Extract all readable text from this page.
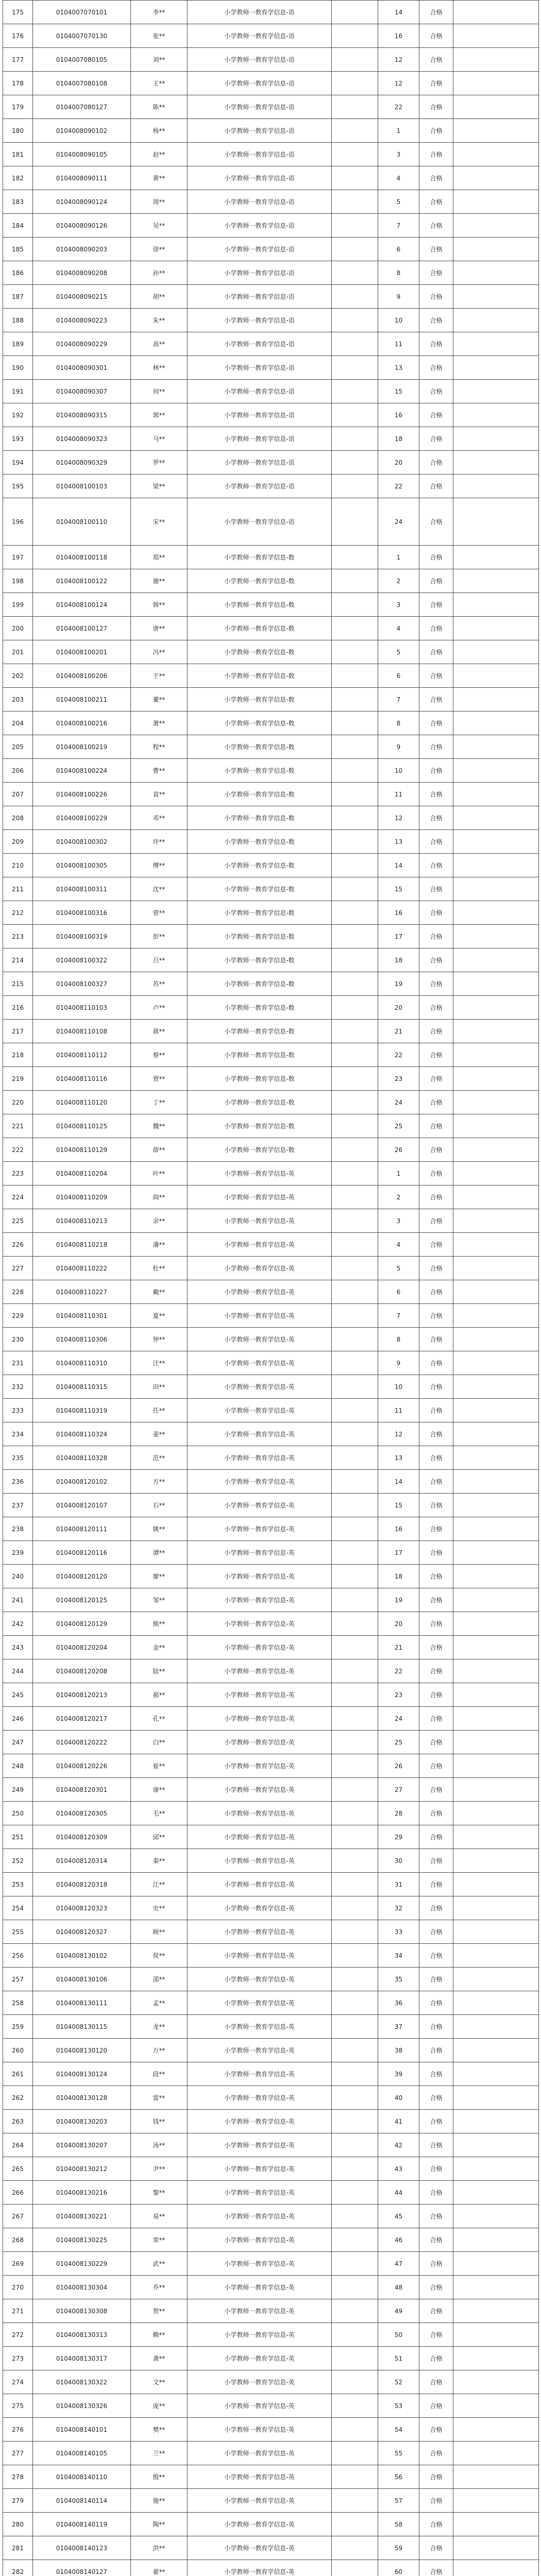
175	0104007070101	李**	小学教师一教育学信息-语		14	合格	
176	0104007070130	张**	小学教师一教育学信息-语		16	合格	
177	0104007080105	刘**	小学教师一教育学信息-语		12	合格	
178	0104007080108	王**	小学教师一教育学信息-语		12	合格	
179	0104007080127	陈**	小学教师一教育学信息-语		22	合格	
180	0104008090102	杨**	小学教师一教育学信息-语		1	合格	
181	0104008090105	赵**	小学教师一教育学信息-语		3	合格	
182	0104008090111	黄**	小学教师一教育学信息-语		4	合格	
183	0104008090124	周**	小学教师一教育学信息-语		5	合格	
184	0104008090126	吴**	小学教师一教育学信息-语		7	合格	
185	0104008090203	徐**	小学教师一教育学信息-语		6	合格	
186	0104008090208	孙**	小学教师一教育学信息-语		8	合格	
187	0104008090215	胡**	小学教师一教育学信息-语		9	合格	
188	0104008090223	朱**	小学教师一教育学信息-语		10	合格	
189	0104008090229	高**	小学教师一教育学信息-语		11	合格	
190	0104008090301	林**	小学教师一教育学信息-语		13	合格	
191	0104008090307	何**	小学教师一教育学信息-语		15	合格	
192	0104008090315	郭**	小学教师一教育学信息-语		16	合格	
193	0104008090323	马**	小学教师一教育学信息-语		18	合格	
194	0104008090329	罗**	小学教师一教育学信息-语		20	合格	
195	0104008100103	梁**	小学教师一教育学信息-语		22	合格	
196	0104008100110	宋**	小学教师一教育学信息-语		24	合格	
197	0104008100118	郑**	小学教师一教育学信息-数		1	合格	
198	0104008100122	谢**	小学教师一教育学信息-数		2	合格	
199	0104008100124	韩**	小学教师一教育学信息-数		3	合格	
200	0104008100127	唐**	小学教师一教育学信息-数		4	合格	
201	0104008100201	冯**	小学教师一教育学信息-数		5	合格	
202	0104008100206	于**	小学教师一教育学信息-数		6	合格	
203	0104008100211	董**	小学教师一教育学信息-数		7	合格	
204	0104008100216	萧**	小学教师一教育学信息-数		8	合格	
205	0104008100219	程**	小学教师一教育学信息-数		9	合格	
206	0104008100224	曹**	小学教师一教育学信息-数		10	合格	
207	0104008100226	袁**	小学教师一教育学信息-数		11	合格	
208	0104008100229	邓**	小学教师一教育学信息-数		12	合格	
209	0104008100302	许**	小学教师一教育学信息-数		13	合格	
210	0104008100305	傅**	小学教师一教育学信息-数		14	合格	
211	0104008100311	沈**	小学教师一教育学信息-数		15	合格	
212	0104008100316	曾**	小学教师一教育学信息-数		16	合格	
213	0104008100319	彭**	小学教师一教育学信息-数		17	合格	
214	0104008100322	吕**	小学教师一教育学信息-数		18	合格	
215	0104008100327	苏**	小学教师一教育学信息-数		19	合格	
216	0104008110103	卢**	小学教师一教育学信息-数		20	合格	
217	0104008110108	蒋**	小学教师一教育学信息-数		21	合格	
218	0104008110112	蔡**	小学教师一教育学信息-数		22	合格	
219	0104008110116	贾**	小学教师一教育学信息-数		23	合格	
220	0104008110120	丁**	小学教师一教育学信息-数		24	合格	
221	0104008110125	魏**	小学教师一教育学信息-数		25	合格	
222	0104008110129	薛**	小学教师一教育学信息-数		26	合格	
223	0104008110204	叶**	小学教师一教育学信息-英		1	合格	
224	0104008110209	阎**	小学教师一教育学信息-英		2	合格	
225	0104008110213	余**	小学教师一教育学信息-英		3	合格	
226	0104008110218	潘**	小学教师一教育学信息-英		4	合格	
227	0104008110222	杜**	小学教师一教育学信息-英		5	合格	
228	0104008110227	戴**	小学教师一教育学信息-英		6	合格	
229	0104008110301	夏**	小学教师一教育学信息-英		7	合格	
230	0104008110306	钟**	小学教师一教育学信息-英		8	合格	
231	0104008110310	汪**	小学教师一教育学信息-英		9	合格	
232	0104008110315	田**	小学教师一教育学信息-英		10	合格	
233	0104008110319	任**	小学教师一教育学信息-英		11	合格	
234	0104008110324	姜**	小学教师一教育学信息-英		12	合格	
235	0104008110328	范**	小学教师一教育学信息-英		13	合格	
236	0104008120102	方**	小学教师一教育学信息-英		14	合格	
237	0104008120107	石**	小学教师一教育学信息-英		15	合格	
238	0104008120111	姚**	小学教师一教育学信息-英		16	合格	
239	0104008120116	谭**	小学教师一教育学信息-英		17	合格	
240	0104008120120	廖**	小学教师一教育学信息-英		18	合格	
241	0104008120125	邹**	小学教师一教育学信息-英		19	合格	
242	0104008120129	熊**	小学教师一教育学信息-英		20	合格	
243	0104008120204	金**	小学教师一教育学信息-英		21	合格	
244	0104008120208	陆**	小学教师一教育学信息-英		22	合格	
245	0104008120213	郝**	小学教师一教育学信息-英		23	合格	
246	0104008120217	孔**	小学教师一教育学信息-英		24	合格	
247	0104008120222	白**	小学教师一教育学信息-英		25	合格	
248	0104008120226	崔**	小学教师一教育学信息-英		26	合格	
249	0104008120301	康**	小学教师一教育学信息-英		27	合格	
250	0104008120305	毛**	小学教师一教育学信息-英		28	合格	
251	0104008120309	邱**	小学教师一教育学信息-英		29	合格	
252	0104008120314	秦**	小学教师一教育学信息-英		30	合格	
253	0104008120318	江**	小学教师一教育学信息-英		31	合格	
254	0104008120323	史**	小学教师一教育学信息-英		32	合格	
255	0104008120327	顾**	小学教师一教育学信息-英		33	合格	
256	0104008130102	侯**	小学教师一教育学信息-英		34	合格	
257	0104008130106	邵**	小学教师一教育学信息-英		35	合格	
258	0104008130111	孟**	小学教师一教育学信息-英		36	合格	
259	0104008130115	龙**	小学教师一教育学信息-英		37	合格	
260	0104008130120	万**	小学教师一教育学信息-英		38	合格	
261	0104008130124	段**	小学教师一教育学信息-英		39	合格	
262	0104008130128	雷**	小学教师一教育学信息-英		40	合格	
263	0104008130203	钱**	小学教师一教育学信息-英		41	合格	
264	0104008130207	汤**	小学教师一教育学信息-英		42	合格	
265	0104008130212	尹**	小学教师一教育学信息-英		43	合格	
266	0104008130216	黎**	小学教师一教育学信息-英		44	合格	
267	0104008130221	易**	小学教师一教育学信息-英		45	合格	
268	0104008130225	常**	小学教师一教育学信息-英		46	合格	
269	0104008130229	武**	小学教师一教育学信息-英		47	合格	
270	0104008130304	乔**	小学教师一教育学信息-英		48	合格	
271	0104008130308	贺**	小学教师一教育学信息-英		49	合格	
272	0104008130313	赖**	小学教师一教育学信息-英		50	合格	
273	0104008130317	龚**	小学教师一教育学信息-英		51	合格	
274	0104008130322	文**	小学教师一教育学信息-英		52	合格	
275	0104008130326	庞**	小学教师一教育学信息-英		53	合格	
276	0104008140101	樊**	小学教师一教育学信息-英		54	合格	
277	0104008140105	兰**	小学教师一教育学信息-英		55	合格	
278	0104008140110	殷**	小学教师一教育学信息-英		56	合格	
279	0104008140114	施**	小学教师一教育学信息-英		57	合格	
280	0104008140119	陶**	小学教师一教育学信息-英		58	合格	
281	0104008140123	洪**	小学教师一教育学信息-英		59	合格	
282	0104008140127	翟**	小学教师一教育学信息-英		60	合格	
